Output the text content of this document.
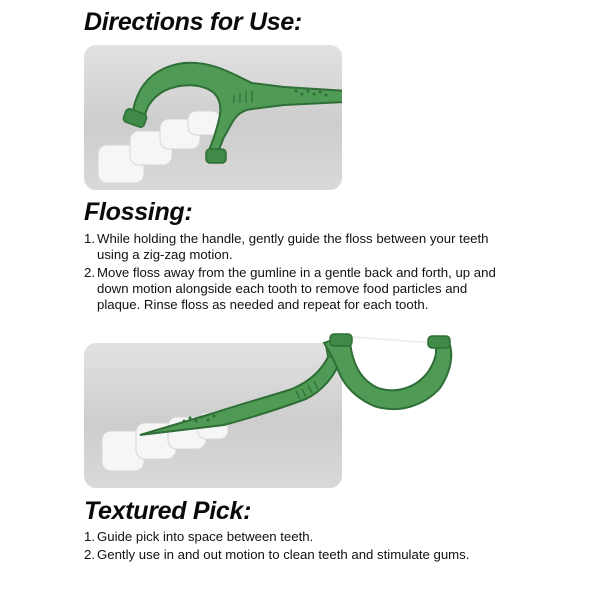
Directions for Use:
Flossing:
1. While holding the handle, gently guide the floss between your teeth using a zig-zag motion.
2. Move floss away from the gumline in a gentle back and forth, up and down motion alongside each tooth to remove food particles and plaque. Rinse floss as needed and repeat for each tooth.
Textured Pick:
1. Guide pick into space between teeth.
2. Gently use in and out motion to clean teeth and stimulate gums.
